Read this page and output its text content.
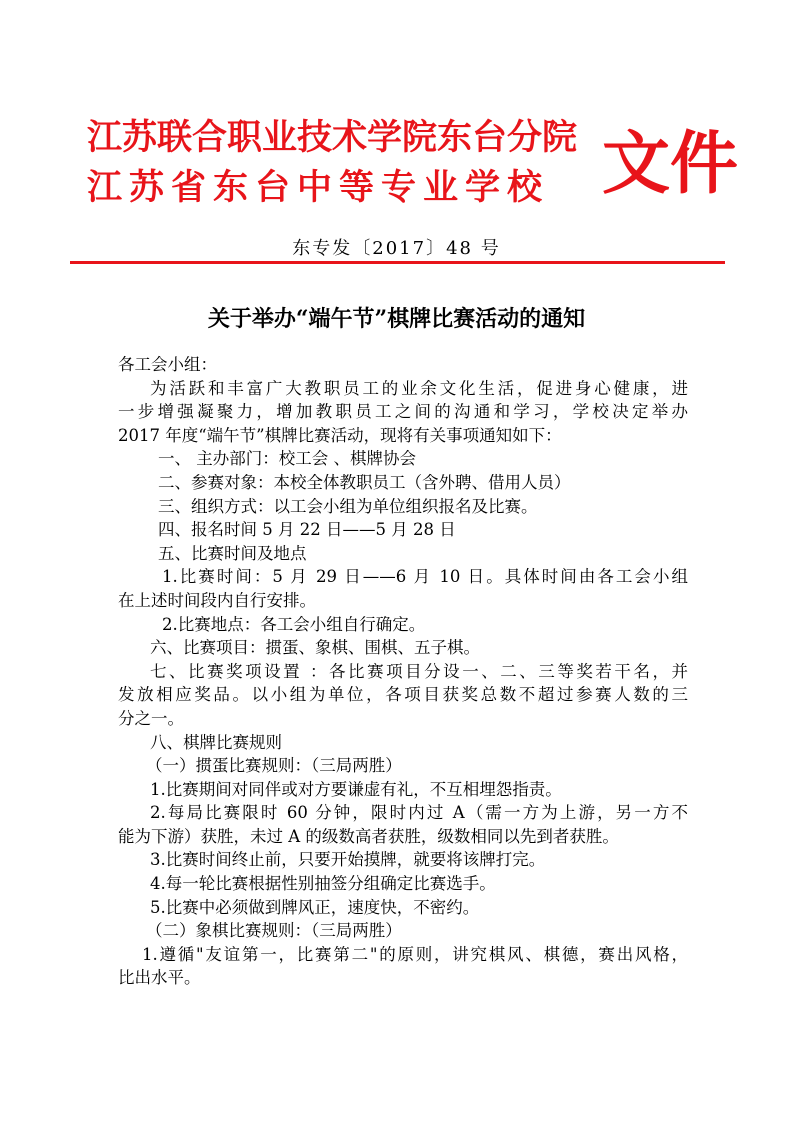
江苏联合职业技术学院东台分院
江苏省东台中等专业学校 文件
东专发〔2017〕48 号
关于举办“端午节”棋牌比赛活动的通知
各工会小组：
为活跃和丰富广大教职员工的业余文化生活，促进身心健康，进
一步增强凝聚力，增加教职员工之间的沟通和学习，学校决定举办
2017 年度“端午节”棋牌比赛活动，现将有关事项通知如下：
一、 主办部门：校工会 、棋牌协会
二、参赛对象：本校全体教职员工（含外聘、借用人员）
三、组织方式：以工会小组为单位组织报名及比赛。
四、报名时间 5 月 22 日——5 月 28 日
五、比赛时间及地点
1.比赛时间：5 月 29 日——6 月 10 日。具体时间由各工会小组
在上述时间段内自行安排。
2.比赛地点：各工会小组自行确定。
六、比赛项目：掼蛋、象棋、围棋、五子棋。
七、比赛奖项设置 ：各比赛项目分设一、二、三等奖若干名，并
发放相应奖品。以小组为单位，各项目获奖总数不超过参赛人数的三
分之一。
八、棋牌比赛规则
（一）掼蛋比赛规则：（三局两胜）
1.比赛期间对同伴或对方要谦虚有礼，不互相埋怨指责。
2.每局比赛限时 60 分钟，限时内过 A（需一方为上游，另一方不
能为下游）获胜，未过 A 的级数高者获胜，级数相同以先到者获胜。
3.比赛时间终止前，只要开始摸牌，就要将该牌打完。
4.每一轮比赛根据性别抽签分组确定比赛选手。
5.比赛中必须做到牌风正，速度快，不密约。
（二）象棋比赛规则：（三局两胜）
1.遵循"友谊第一，比赛第二"的原则，讲究棋风、棋德，赛出风格，
比出水平。
